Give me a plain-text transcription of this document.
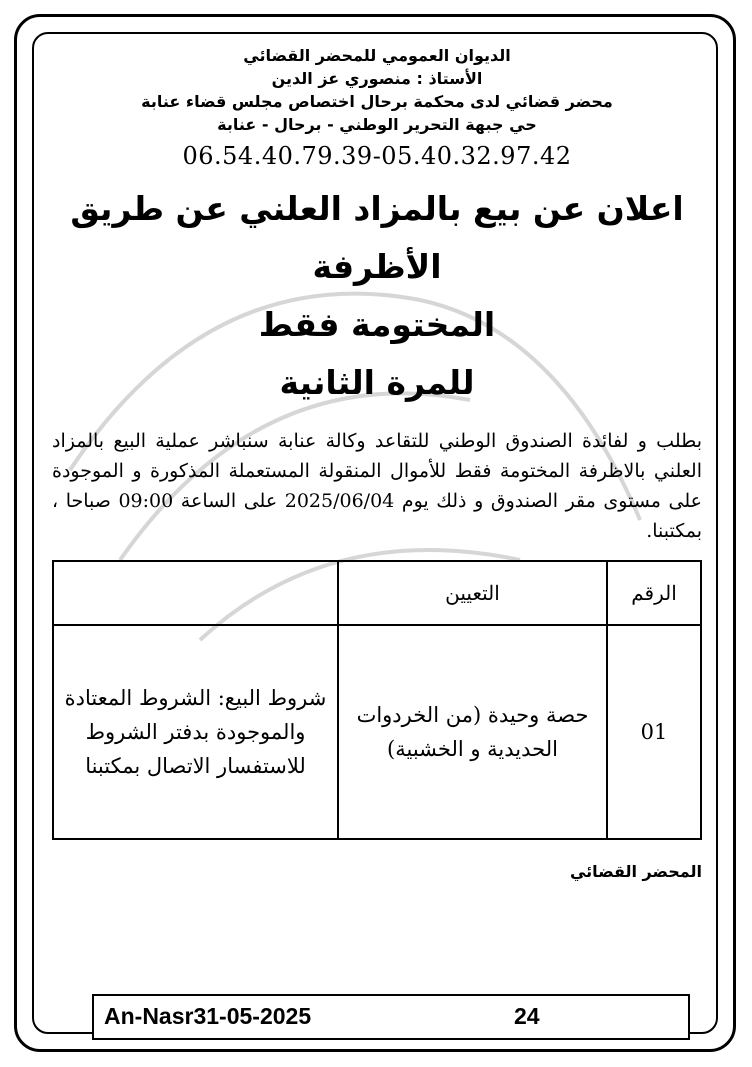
الديوان العمومي للمحضر القضائي
الأستاذ : منصوري عز الدين
محضر قضائي لدى محكمة برحال اختصاص مجلس قضاء عنابة
حي جبهة التحرير الوطني - برحال - عنابة
06.54.40.79.39-05.40.32.97.42
اعلان عن بيع بالمزاد العلني عن طريق الأظرفة
المختومة فقط
للمرة الثانية
بطلب و لفائدة الصندوق الوطني للتقاعد وكالة عنابة سنباشر عملية البيع بالمزاد العلني بالاظرفة المختومة فقط للأموال المنقولة المستعملة المذكورة و الموجودة على مستوى مقر الصندوق و ذلك يوم 2025/06/04 على الساعة 09:00 صباحا ، بمكتبنا.
الرقم	التعيين	
01	حصة وحيدة (من الخردوات الحديدية و الخشبية)	شروط البيع: الشروط المعتادة والموجودة بدفتر الشروط للاستفسار الاتصال بمكتبنا
المحضر القضائي
An-Nasr31-05-2025	24
